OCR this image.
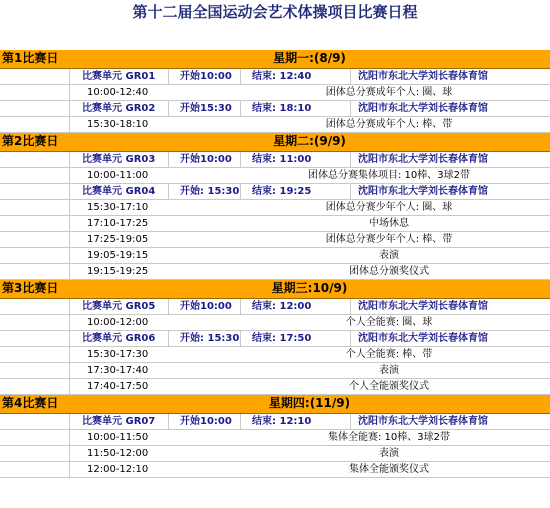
第十二届全国运动会艺术体操项目比赛日程
第1比赛日	星期一:(8/9)
比赛单元 GR01 开始10:00 结束: 12:40	沈阳市东北大学刘长春体育馆
10:00-12:40	团体总分赛成年个人: 圈、球
比赛单元 GR02 开始15:30 结束: 18:10	沈阳市东北大学刘长春体育馆
15:30-18:10	团体总分赛成年个人: 棒、带
第2比赛日	星期二:(9/9)
比赛单元 GR03 开始10:00 结束: 11:00	沈阳市东北大学刘长春体育馆
10:00-11:00	团体总分赛集体项目: 10棒、3球2带
比赛单元 GR04 开始: 15:30 结束: 19:25	沈阳市东北大学刘长春体育馆
15:30-17:10	团体总分赛少年个人: 圈、球
17:10-17:25	中场休息
17:25-19:05	团体总分赛少年个人: 棒、带
19:05-19:15	表演
19:15-19:25	团体总分颁奖仪式
第3比赛日	星期三:10/9)
比赛单元 GR05 开始10:00 结束: 12:00	沈阳市东北大学刘长春体育馆
10:00-12:00	个人全能赛: 圈、球
比赛单元 GR06 开始: 15:30 结束: 17:50	沈阳市东北大学刘长春体育馆
15:30-17:30	个人全能赛: 棒、带
17:30-17:40	表演
17:40-17:50	个人全能颁奖仪式
第4比赛日	星期四:(11/9)
比赛单元 GR07 开始10:00 结束: 12:10	沈阳市东北大学刘长春体育馆
10:00-11:50	集体全能赛: 10棒、3球2带
11:50-12:00	表演
12:00-12:10	集体全能颁奖仪式
